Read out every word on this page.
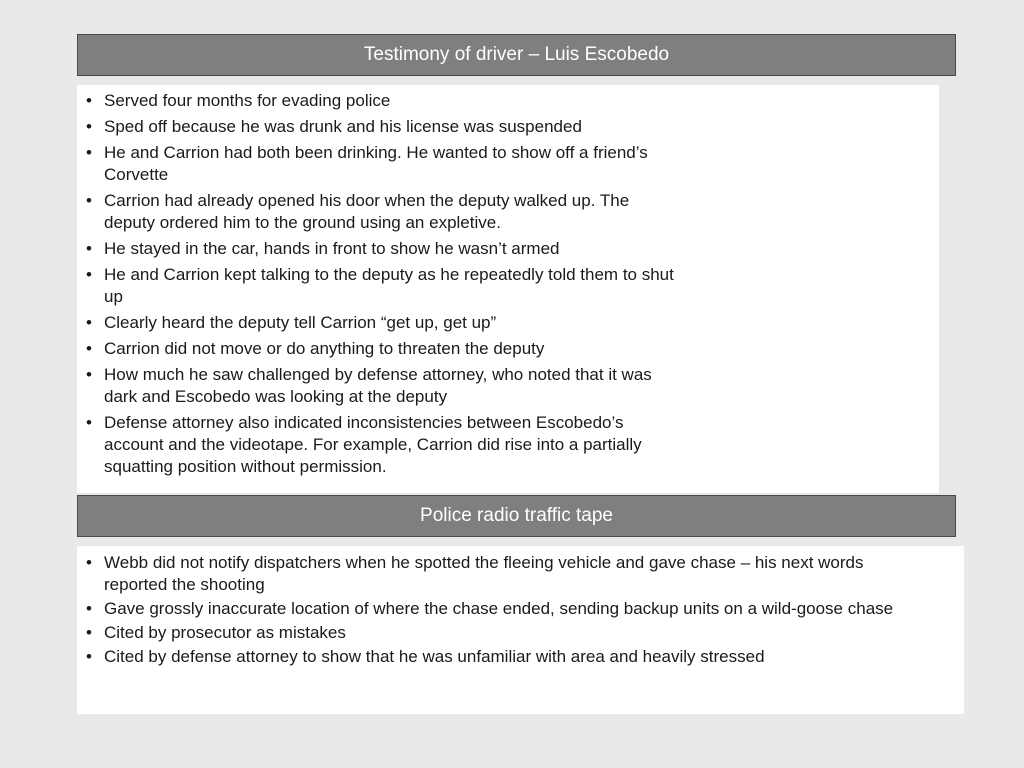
Testimony of driver – Luis Escobedo
• Served four months for evading police
• Sped off because he was drunk and his license was suspended
• He and Carrion had both been drinking. He wanted to show off a friend’s Corvette
• Carrion had already opened his door when the deputy walked up. The deputy ordered him to the ground using an expletive.
• He stayed in the car, hands in front to show he wasn’t armed
• He and Carrion kept talking to the deputy as he repeatedly told them to shut up
• Clearly heard the deputy tell Carrion “get up, get up”
• Carrion did not move or do anything to threaten the deputy
• How much he saw challenged by defense attorney, who noted that it was dark and Escobedo was looking at the deputy
• Defense attorney also indicated inconsistencies between Escobedo’s account and the videotape. For example, Carrion did rise into a partially squatting position without permission.
Police radio traffic tape
• Webb did not notify dispatchers when he spotted the fleeing vehicle and gave chase – his next words reported the shooting
• Gave grossly inaccurate location of where the chase ended, sending backup units on a wild-goose chase
• Cited by prosecutor as mistakes
• Cited by defense attorney to show that he was unfamiliar with area and heavily stressed
